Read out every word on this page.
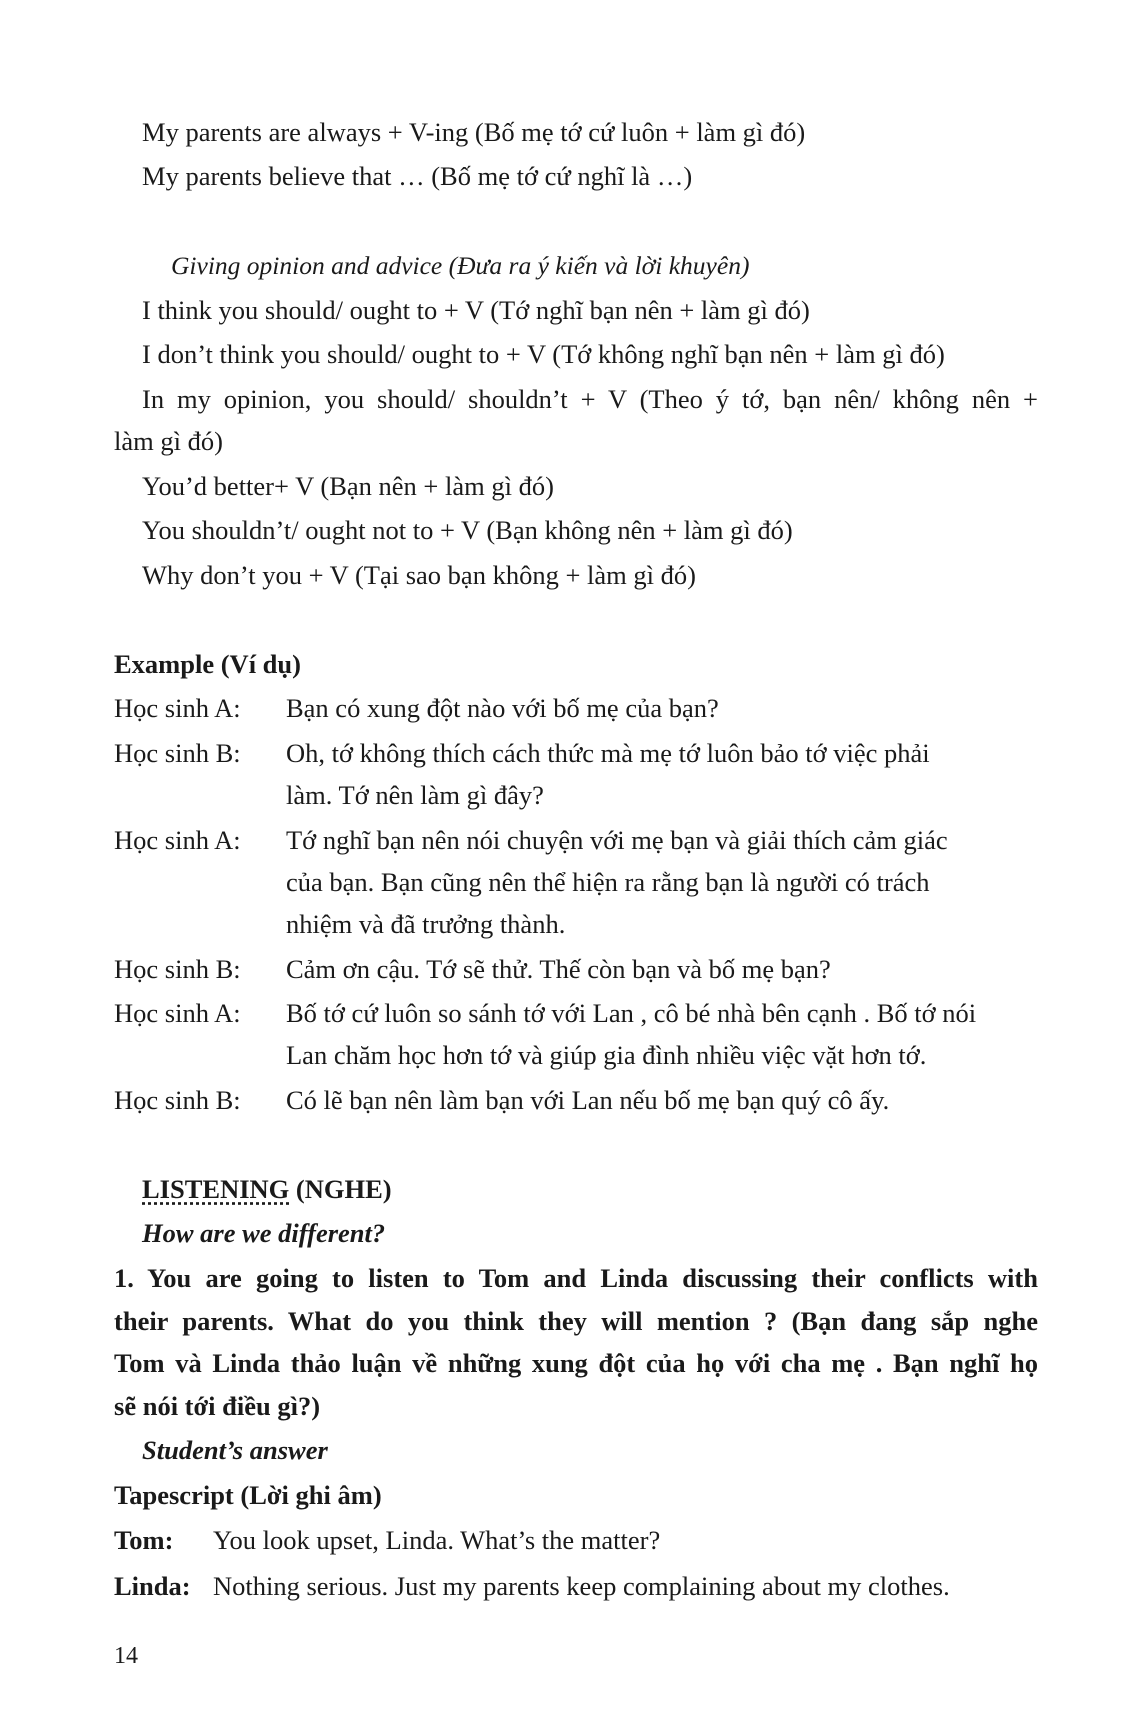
My parents are always + V-ing (Bố mẹ tớ cứ luôn + làm gì đó)
My parents believe that … (Bố mẹ tớ cứ nghĩ là …)
Giving opinion and advice (Đưa ra ý kiến và lời khuyên)
I think you should/ ought to + V (Tớ nghĩ bạn nên + làm gì đó)
I don’t think you should/ ought to + V (Tớ không nghĩ bạn nên + làm gì đó)
In my opinion, you should/ shouldn’t + V (Theo ý tớ, bạn nên/ không nên +
làm gì đó)
You’d better+ V (Bạn nên + làm gì đó)
You shouldn’t/ ought not to + V (Bạn không nên + làm gì đó)
Why don’t you + V (Tại sao bạn không + làm gì đó)
Example (Ví dụ)
Học sinh A: Bạn có xung đột nào với bố mẹ của bạn?
Học sinh B: Oh, tớ không thích cách thức mà mẹ tớ luôn bảo tớ việc phải
làm. Tớ nên làm gì đây?
Học sinh A: Tớ nghĩ bạn nên nói chuyện với mẹ bạn và giải thích cảm giác
của bạn. Bạn cũng nên thể hiện ra rằng bạn là người có trách
nhiệm và đã trưởng thành.
Học sinh B: Cảm ơn cậu. Tớ sẽ thử. Thế còn bạn và bố mẹ bạn?
Học sinh A: Bố tớ cứ luôn so sánh tớ với Lan , cô bé nhà bên cạnh . Bố tớ nói
Lan chăm học hơn tớ và giúp gia đình nhiều việc vặt hơn tớ.
Học sinh B: Có lẽ bạn nên làm bạn với Lan nếu bố mẹ bạn quý cô ấy.
LISTENING (NGHE)
How are we different?
1. You are going to listen to Tom and Linda discussing their conflicts with
their parents. What do you think they will mention ? (Bạn đang sắp nghe
Tom và Linda thảo luận về những xung đột của họ với cha mẹ . Bạn nghĩ họ
sẽ nói tới điều gì?)
Student’s answer
Tapescript (Lời ghi âm)
Tom: You look upset, Linda. What’s the matter?
Linda: Nothing serious. Just my parents keep complaining about my clothes.
14
